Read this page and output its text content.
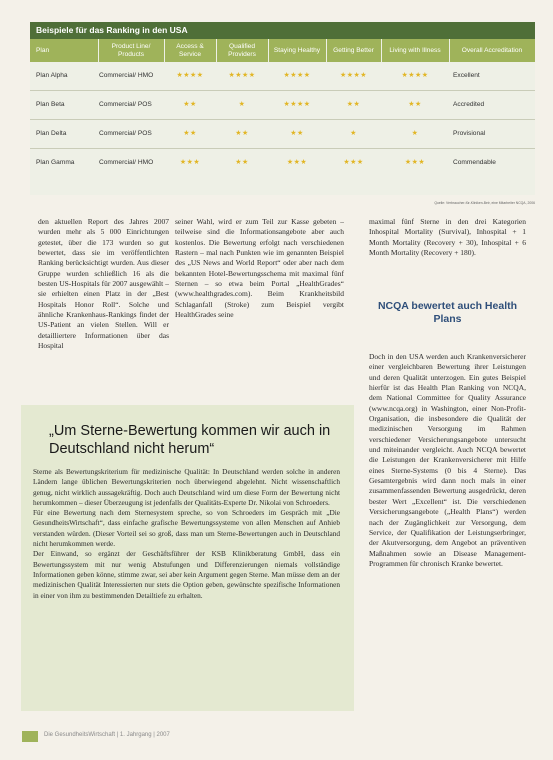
Beispiele für das Ranking in den USA
Plan	Product Line/ Products	Access & Service	Qualified Providers	Staying Healthy	Getting Better	Living with Illness	Overall Accreditation
Plan Alpha	Commercial/ HMO	★★★★	★★★★	★★★★	★★★★	★★★★	Excellent
Plan Beta	Commercial/ POS	★★	★	★★★★	★★	★★	Accredited
Plan Delta	Commercial/ POS	★★	★★	★★	★	★	Provisional
Plan Gamma	Commercial/ HMO	★★★	★★	★★★	★★★	★★★	Commendable
Quelle: Verbraucher-für-Kliniken-Beir, eine Mitarbeiter NCQA, 2006

den aktuellen Report des Jahres 2007 wurden mehr als 5 000 Einrichtungen getestet, über die 173 wurden so gut bewertet, dass sie im veröffentlichten Ranking berücksichtigt wurden. Aus dieser Gruppe wurden schließlich 16 als die besten US-Hospitals für 2007 ausgewählt – sie erhielten einen Platz in der „Best Hospitals Honor Roll“. Solche und ähnliche Krankenhaus-Rankings findet der US-Patient an vielen Stellen. Will er detailliertere Informationen über das Hospital

seiner Wahl, wird er zum Teil zur Kasse gebeten – teilweise sind die Informationsangebote aber auch kostenlos. Die Bewertung erfolgt nach verschiedenen Rastern – mal nach Punkten wie im genannten Beispiel des „US News and World Report“ oder aber nach dem bekannten Hotel-Bewertungsschema mit maximal fünf Sternen – so etwa beim Portal „HealthGrades“ (www.healthgrades.com). Beim Krankheitsbild Schlaganfall (Stroke) zum Beispiel vergibt HealthGrades seine

maximal fünf Sterne in den drei Kategorien Inhospital Mortality (Survival), Inhospital + 1 Month Mortality (Recovery + 30), Inhospital + 6 Month Mortality (Recovery + 180).

NCQA bewertet auch Health Plans

Doch in den USA werden auch Krankenversicherer einer vergleichbaren Bewertung ihrer Leistungen und deren Qualität unterzogen. Ein gutes Beispiel hierfür ist das Health Plan Ranking von NCQA, dem National Committee for Quality Assurance (www.ncqa.org) in Washington, einer Non-Profit-Organisation, die insbesondere die Qualität der medizinischen Versorgung im Rahmen verschiedener Versicherungsangebote untersucht und miteinander vergleicht. Auch NCQA bewertet die Leistungen der Krankenversicherer mit Hilfe eines Sterne-Systems (0 bis 4 Sterne). Das Gesamtergebnis wird dann noch mals in einer zusammenfassenden Bewertung ausgedrückt, deren bester Wert „Excellent“ ist. Die verschiedenen Versicherungsangebote („Health Plans“) werden nach der Zugänglichkeit zur Versorgung, dem Service, der Qualifikation der Leistungserbringer, der Akutversorgung, dem Angebot an präventiven Maßnahmen sowie an Disease Management-Programmen für chronisch Kranke bewertet.

„Um Sterne-Bewertung kommen wir auch in Deutschland nicht herum“

Sterne als Bewertungskriterium für medizinische Qualität: In Deutschland werden solche in anderen Ländern lange üblichen Bewertungskriterien noch überwiegend abgelehnt. Nicht wissenschaftlich genug, nicht wirklich aussagekräftig. Doch auch Deutschland wird um diese Form der Bewertung nicht herumkommen – dieser Überzeugung ist jedenfalls der Qualitäts-Experte Dr. Nikolai von Schroeders.

Für eine Bewertung nach dem Sternesystem spreche, so von Schroeders im Gespräch mit „Die GesundheitsWirtschaft“, dass einfache grafische Bewertungssysteme von allen Menschen auf Anhieb verstanden würden. (Dieser Vorteil sei so groß, dass man um Sterne-Bewertungen auch in Deutschland nicht herumkommen werde.

Der Einwand, so ergänzt der Geschäftsführer der KSB Klinikberatung GmbH, dass ein Bewertungssystem mit nur wenig Abstufungen und Differenzierungen niemals vollständige Informationen geben könne, stimme zwar, sei aber kein Argument gegen Sterne. Man müsse dem an der medizinischen Qualität Interessierten nur stets die Option geben, gewünschte spezifische Informationen in einer von ihm zu bestimmenden Detailtiefe zu erhalten.

Die GesundheitsWirtschaft | 1. Jahrgang | 2007
